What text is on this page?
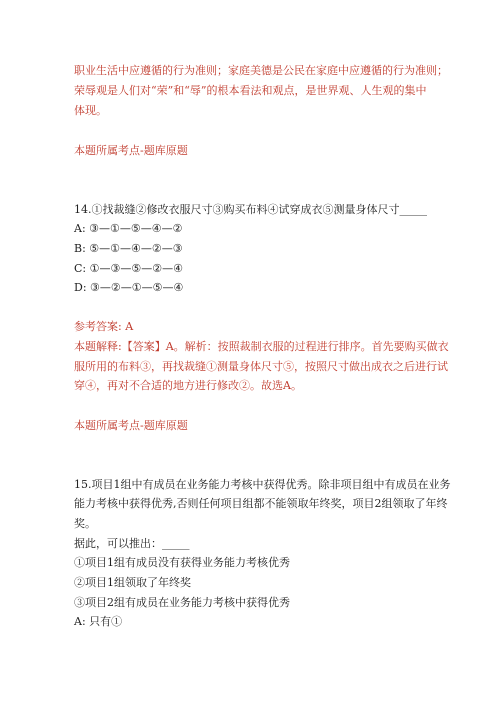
职业生活中应遵循的行为准则；家庭美德是公民在家庭中应遵循的行为准则；
荣辱观是人们对“荣”和“辱”的根本看法和观点，是世界观、人生观的集中
体现。
本题所属考点-题库原题
14.①找裁缝②修改衣服尺寸③购买布料④试穿成衣⑤测量身体尺寸_____
A: ③—①—⑤—④—②
B: ⑤—①—④—②—③
C: ①—③—⑤—②—④
D: ③—②—①—⑤—④
参考答案: A
本题解释:【答案】A。解析：按照裁制衣服的过程进行排序。首先要购买做衣
服所用的布料③，再找裁缝①测量身体尺寸⑤，按照尺寸做出成衣之后进行试
穿④，再对不合适的地方进行修改②。故选A。
本题所属考点-题库原题
15.项目1组中有成员在业务能力考核中获得优秀。除非项目组中有成员在业务
能力考核中获得优秀,否则任何项目组都不能领取年终奖，项目2组领取了年终
奖。
据此，可以推出：_____
①项目1组有成员没有获得业务能力考核优秀
②项目1组领取了年终奖
③项目2组有成员在业务能力考核中获得优秀
A: 只有①
